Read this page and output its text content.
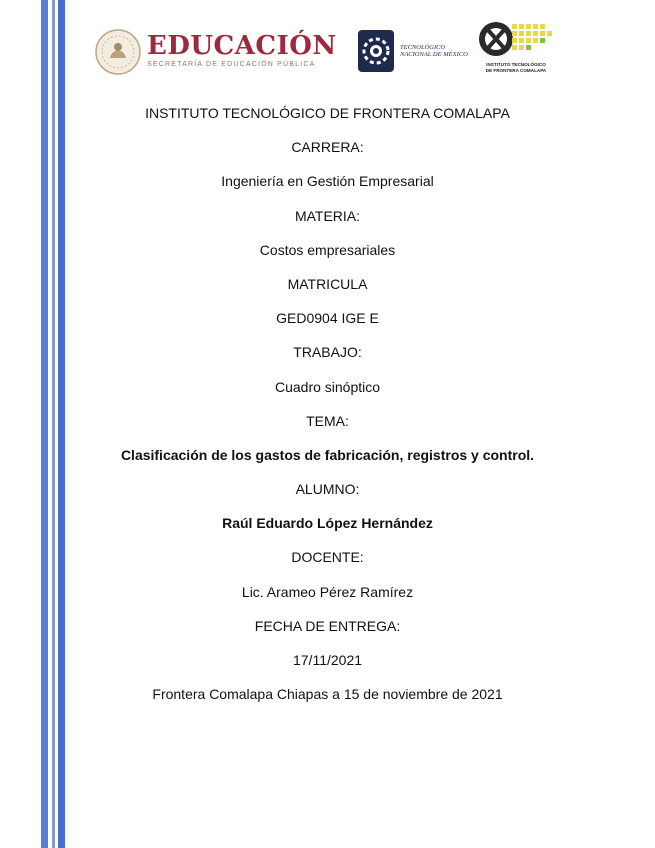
EDUCACIÓN
SECRETARÍA DE EDUCACIÓN PÚBLICA
TECNOLÓGICO
NACIONAL DE MÉXICO
INSTITUTO TECNOLÓGICO
DE FRONTERA COMALAPA
INSTITUTO TECNOLÓGICO DE FRONTERA COMALAPA
CARRERA:
Ingeniería en Gestión Empresarial
MATERIA:
Costos empresariales
MATRICULA
GED0904 IGE E
TRABAJO:
Cuadro sinóptico
TEMA:
Clasificación de los gastos de fabricación, registros y control.
ALUMNO:
Raúl Eduardo López Hernández
DOCENTE:
Lic. Arameo Pérez Ramírez
FECHA DE ENTREGA:
17/11/2021
Frontera Comalapa Chiapas a 15 de noviembre de 2021
